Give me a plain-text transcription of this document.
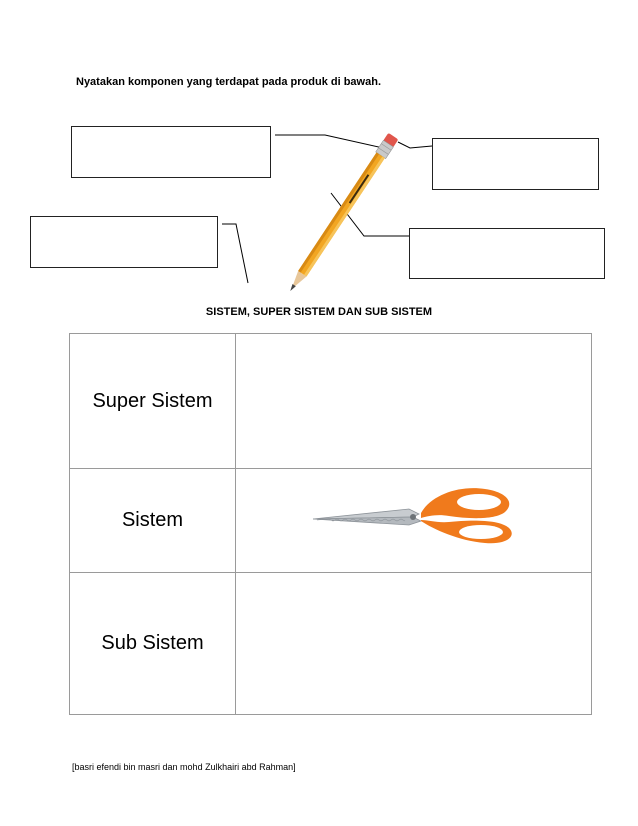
Nyatakan komponen yang terdapat pada produk di bawah.
SISTEM, SUPER SISTEM DAN SUB SISTEM
Super Sistem	
Sistem	
Sub Sistem	
[basri efendi bin masri dan mohd Zulkhairi abd Rahman]
